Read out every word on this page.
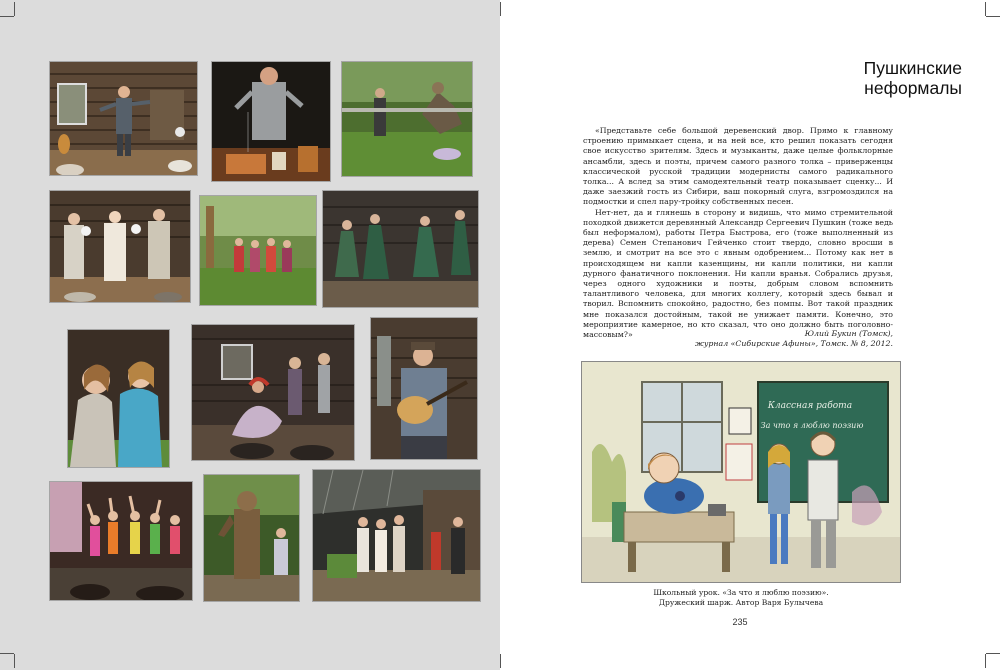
Пушкинские
неформалы

«Представьте себе большой деревенский двор. Прямо к главному строению примыкает сцена, и на ней все, кто решил показать сегодня свое искусство зрителям. Здесь и музыканты, даже целые фольклорные ансамбли, здесь и поэты, причем самого разного толка – приверженцы классической русской традиции модернисты самого радикального толка... А вслед за этим самодеятельный театр показывает сценку... И даже заезжий гость из Сибири, ваш покорный слуга, взгромоздился на подмостки и спел пару-тройку собственных песен.

Нет-нет, да и глянешь в сторону и видишь, что мимо стремительной походкой движется деревянный Александр Сергеевич Пушкин (тоже ведь был неформалом), работы Петра Быстрова, его (тоже выполненный из дерева) Семен Степанович Гейченко стоит твердо, словно вросши в землю, и смотрит на все это с явным одобрением... Потому как нет в происходящем ни капли казенщины, ни капли политики, ни капли дурного фанатичного поклонения. Ни капли вранья. Собрались друзья, через одного художники и поэты, добрым словом вспомнить талантливого человека, для многих коллегу, который здесь бывал и творил. Вспомнить спокойно, радостно, без помпы. Вот такой праздник мне показался достойным, такой не унижает памяти. Конечно, это мероприятие камерное, но кто сказал, что оно должно быть поголовно-массовым?»	Юлий Букин (Томск),
журнал «Сибирские Афины», Томск. № 8, 2012.
Классная работа
За что я люблю поэзию
Школьный урок. «За что я люблю поэзию».
Дружеский шарж. Автор Варя Булычева
235
